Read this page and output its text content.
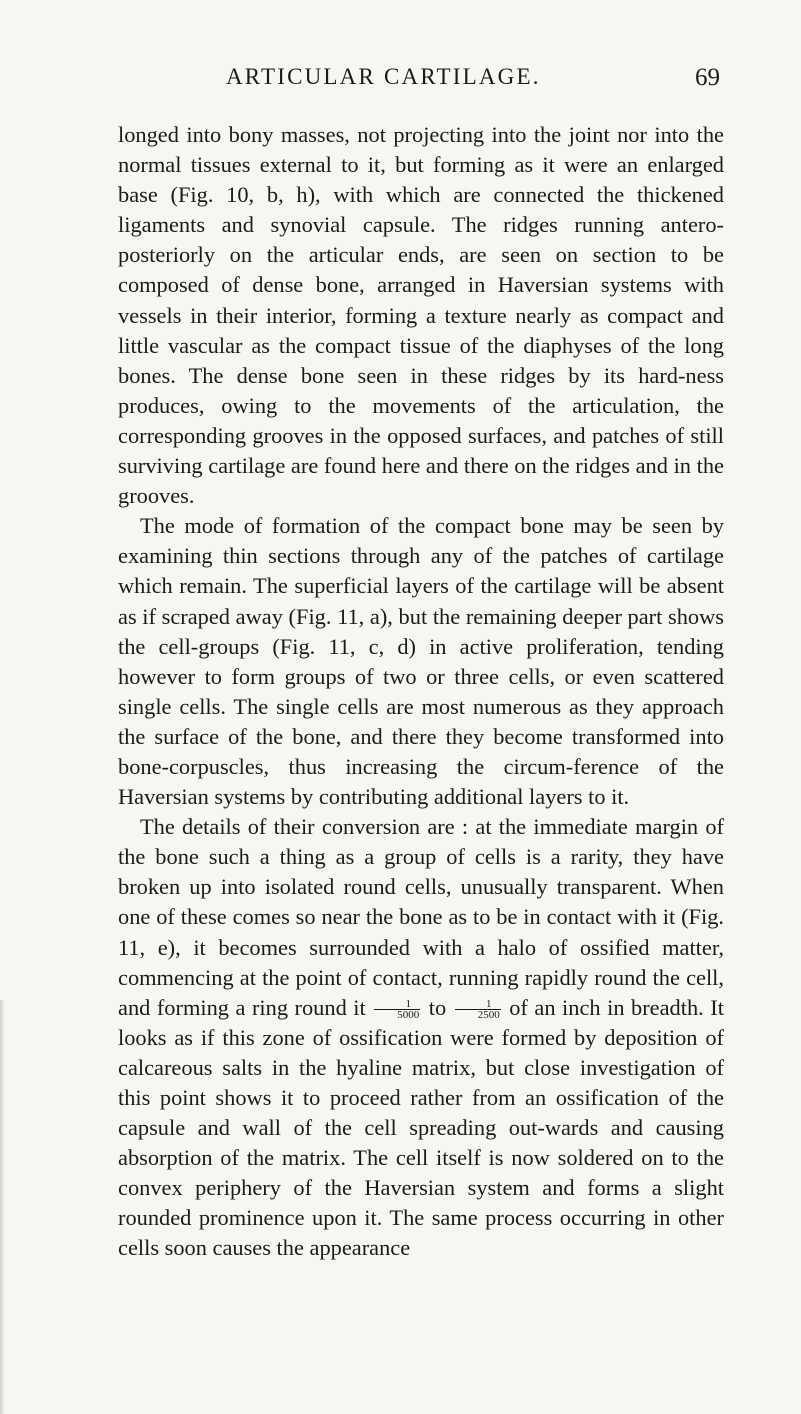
ARTICULAR CARTILAGE.	69

longed into bony masses, not projecting into the joint nor into the normal tissues external to it, but forming as it were an enlarged base (Fig. 10, b, h), with which are connected the thickened ligaments and synovial capsule. The ridges running antero-posteriorly on the articular ends, are seen on section to be composed of dense bone, arranged in Haversian systems with vessels in their interior, forming a texture nearly as compact and little vascular as the compact tissue of the diaphyses of the long bones. The dense bone seen in these ridges by its hard-ness produces, owing to the movements of the articulation, the corresponding grooves in the opposed surfaces, and patches of still surviving cartilage are found here and there on the ridges and in the grooves.

The mode of formation of the compact bone may be seen by examining thin sections through any of the patches of cartilage which remain. The superficial layers of the cartilage will be absent as if scraped away (Fig. 11, a), but the remaining deeper part shows the cell-groups (Fig. 11, c, d) in active proliferation, tending however to form groups of two or three cells, or even scattered single cells. The single cells are most numerous as they approach the surface of the bone, and there they become transformed into bone-corpuscles, thus increasing the circum-ference of the Haversian systems by contributing additional layers to it.

The details of their conversion are : at the immediate margin of the bone such a thing as a group of cells is a rarity, they have broken up into isolated round cells, unusually transparent. When one of these comes so near the bone as to be in contact with it (Fig. 11, e), it becomes surrounded with a halo of ossified matter, commencing at the point of contact, running rapidly round the cell, and forming a ring round it $\frac{1}{5000}$ to $\frac{1}{2500}$ of an inch in breadth. It looks as if this zone of ossification were formed by deposition of calcareous salts in the hyaline matrix, but close investigation of this point shows it to proceed rather from an ossification of the capsule and wall of the cell spreading out-wards and causing absorption of the matrix. The cell itself is now soldered on to the convex periphery of the Haversian system and forms a slight rounded prominence upon it. The same process occurring in other cells soon causes the appearance
